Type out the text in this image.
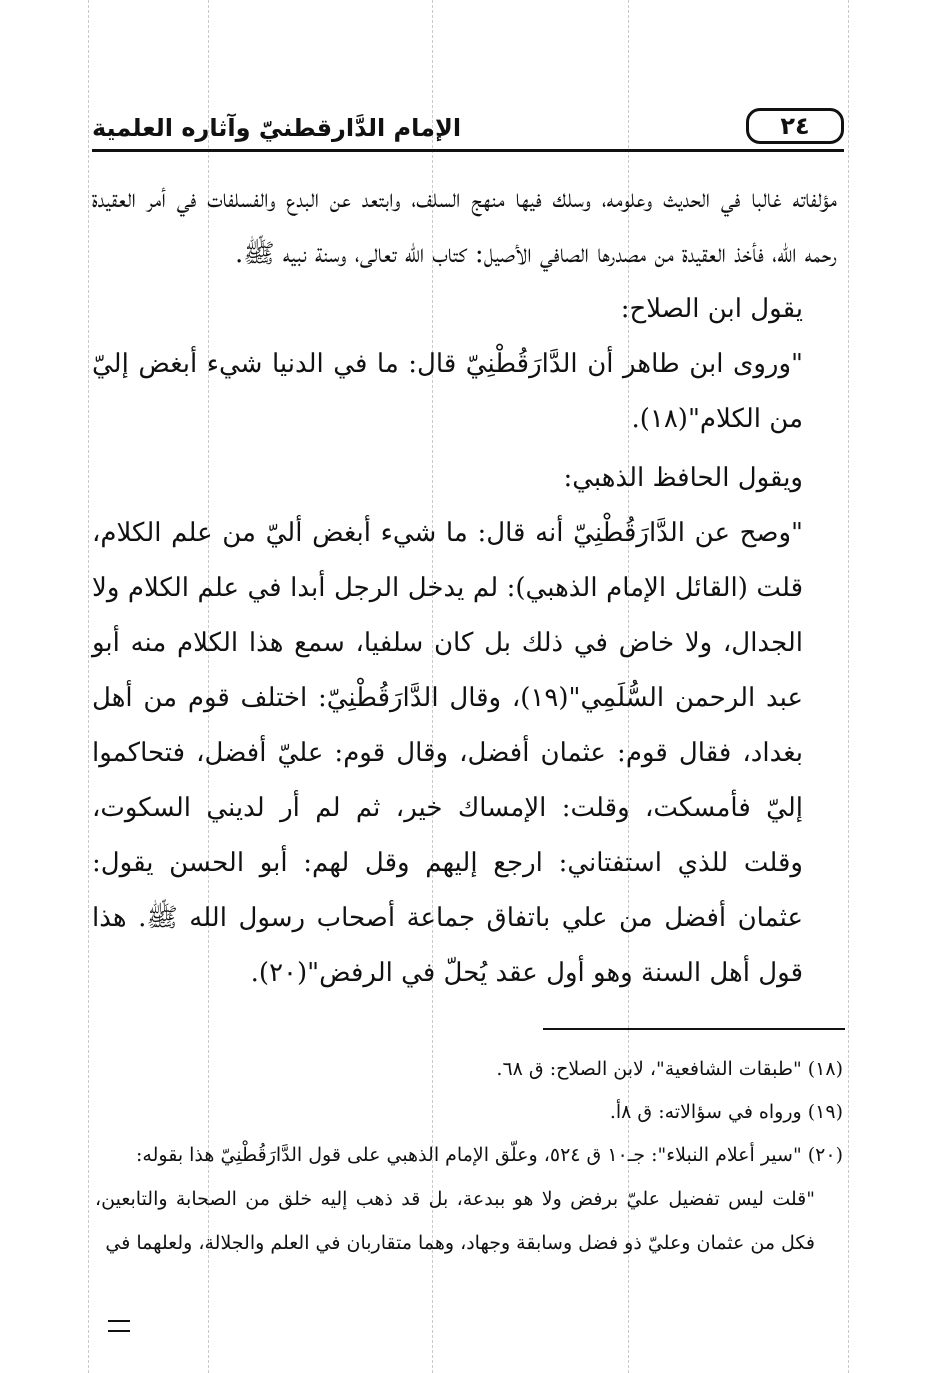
٢٤
الإمام الدَّارقطنيّ وآثاره العلمية

مؤلفاته غالبا في الحديث وعلومه، وسلك فيها منهج السلف، وابتعد عن البدع والفسلفات في أمر العقيدة رحمه الله، فأخذ العقيدة من مصدرها الصافي الأصيل: كتاب الله تعالى، وسنة نبيه ﷺ.

يقول ابن الصلاح:

"وروى ابن طاهر أن الدَّارَقُطْنِيّ قال: ما في الدنيا شيء أبغض إليّ من الكلام"(١٨).

ويقول الحافظ الذهبي:

"وصح عن الدَّارَقُطْنِيّ أنه قال: ما شيء أبغض أليّ من علم الكلام، قلت (القائل الإمام الذهبي): لم يدخل الرجل أبدا في علم الكلام ولا الجدال، ولا خاض في ذلك بل كان سلفيا، سمع هذا الكلام منه أبو عبد الرحمن السُّلَمِي"(١٩)، وقال الدَّارَقُطْنِيّ: اختلف قوم من أهل بغداد، فقال قوم: عثمان أفضل، وقال قوم: عليّ أفضل، فتحاكموا إليّ فأمسكت، وقلت: الإمساك خير، ثم لم أر لديني السكوت، وقلت للذي استفتاني: ارجع إليهم وقل لهم: أبو الحسن يقول: عثمان أفضل من علي باتفاق جماعة أصحاب رسول الله ﷺ. هذا قول أهل السنة وهو أول عقد يُحلّ في الرفض"(٢٠).

(١٨) "طبقات الشافعية"، لابن الصلاح: ق ٦٨.

(١٩) ورواه في سؤالاته: ق ٨أ.

(٢٠) "سير أعلام النبلاء": جـ١٠ ق ٥٢٤، وعلّق الإمام الذهبي على قول الدَّارَقُطْنِيّ هذا بقوله:

"قلت ليس تفضيل عليّ برفض ولا هو ببدعة، بل قد ذهب إليه خلق من الصحابة والتابعين، فكل من عثمان وعليّ ذو فضل وسابقة وجهاد، وهما متقاربان في العلم والجلالة، ولعلهما في
